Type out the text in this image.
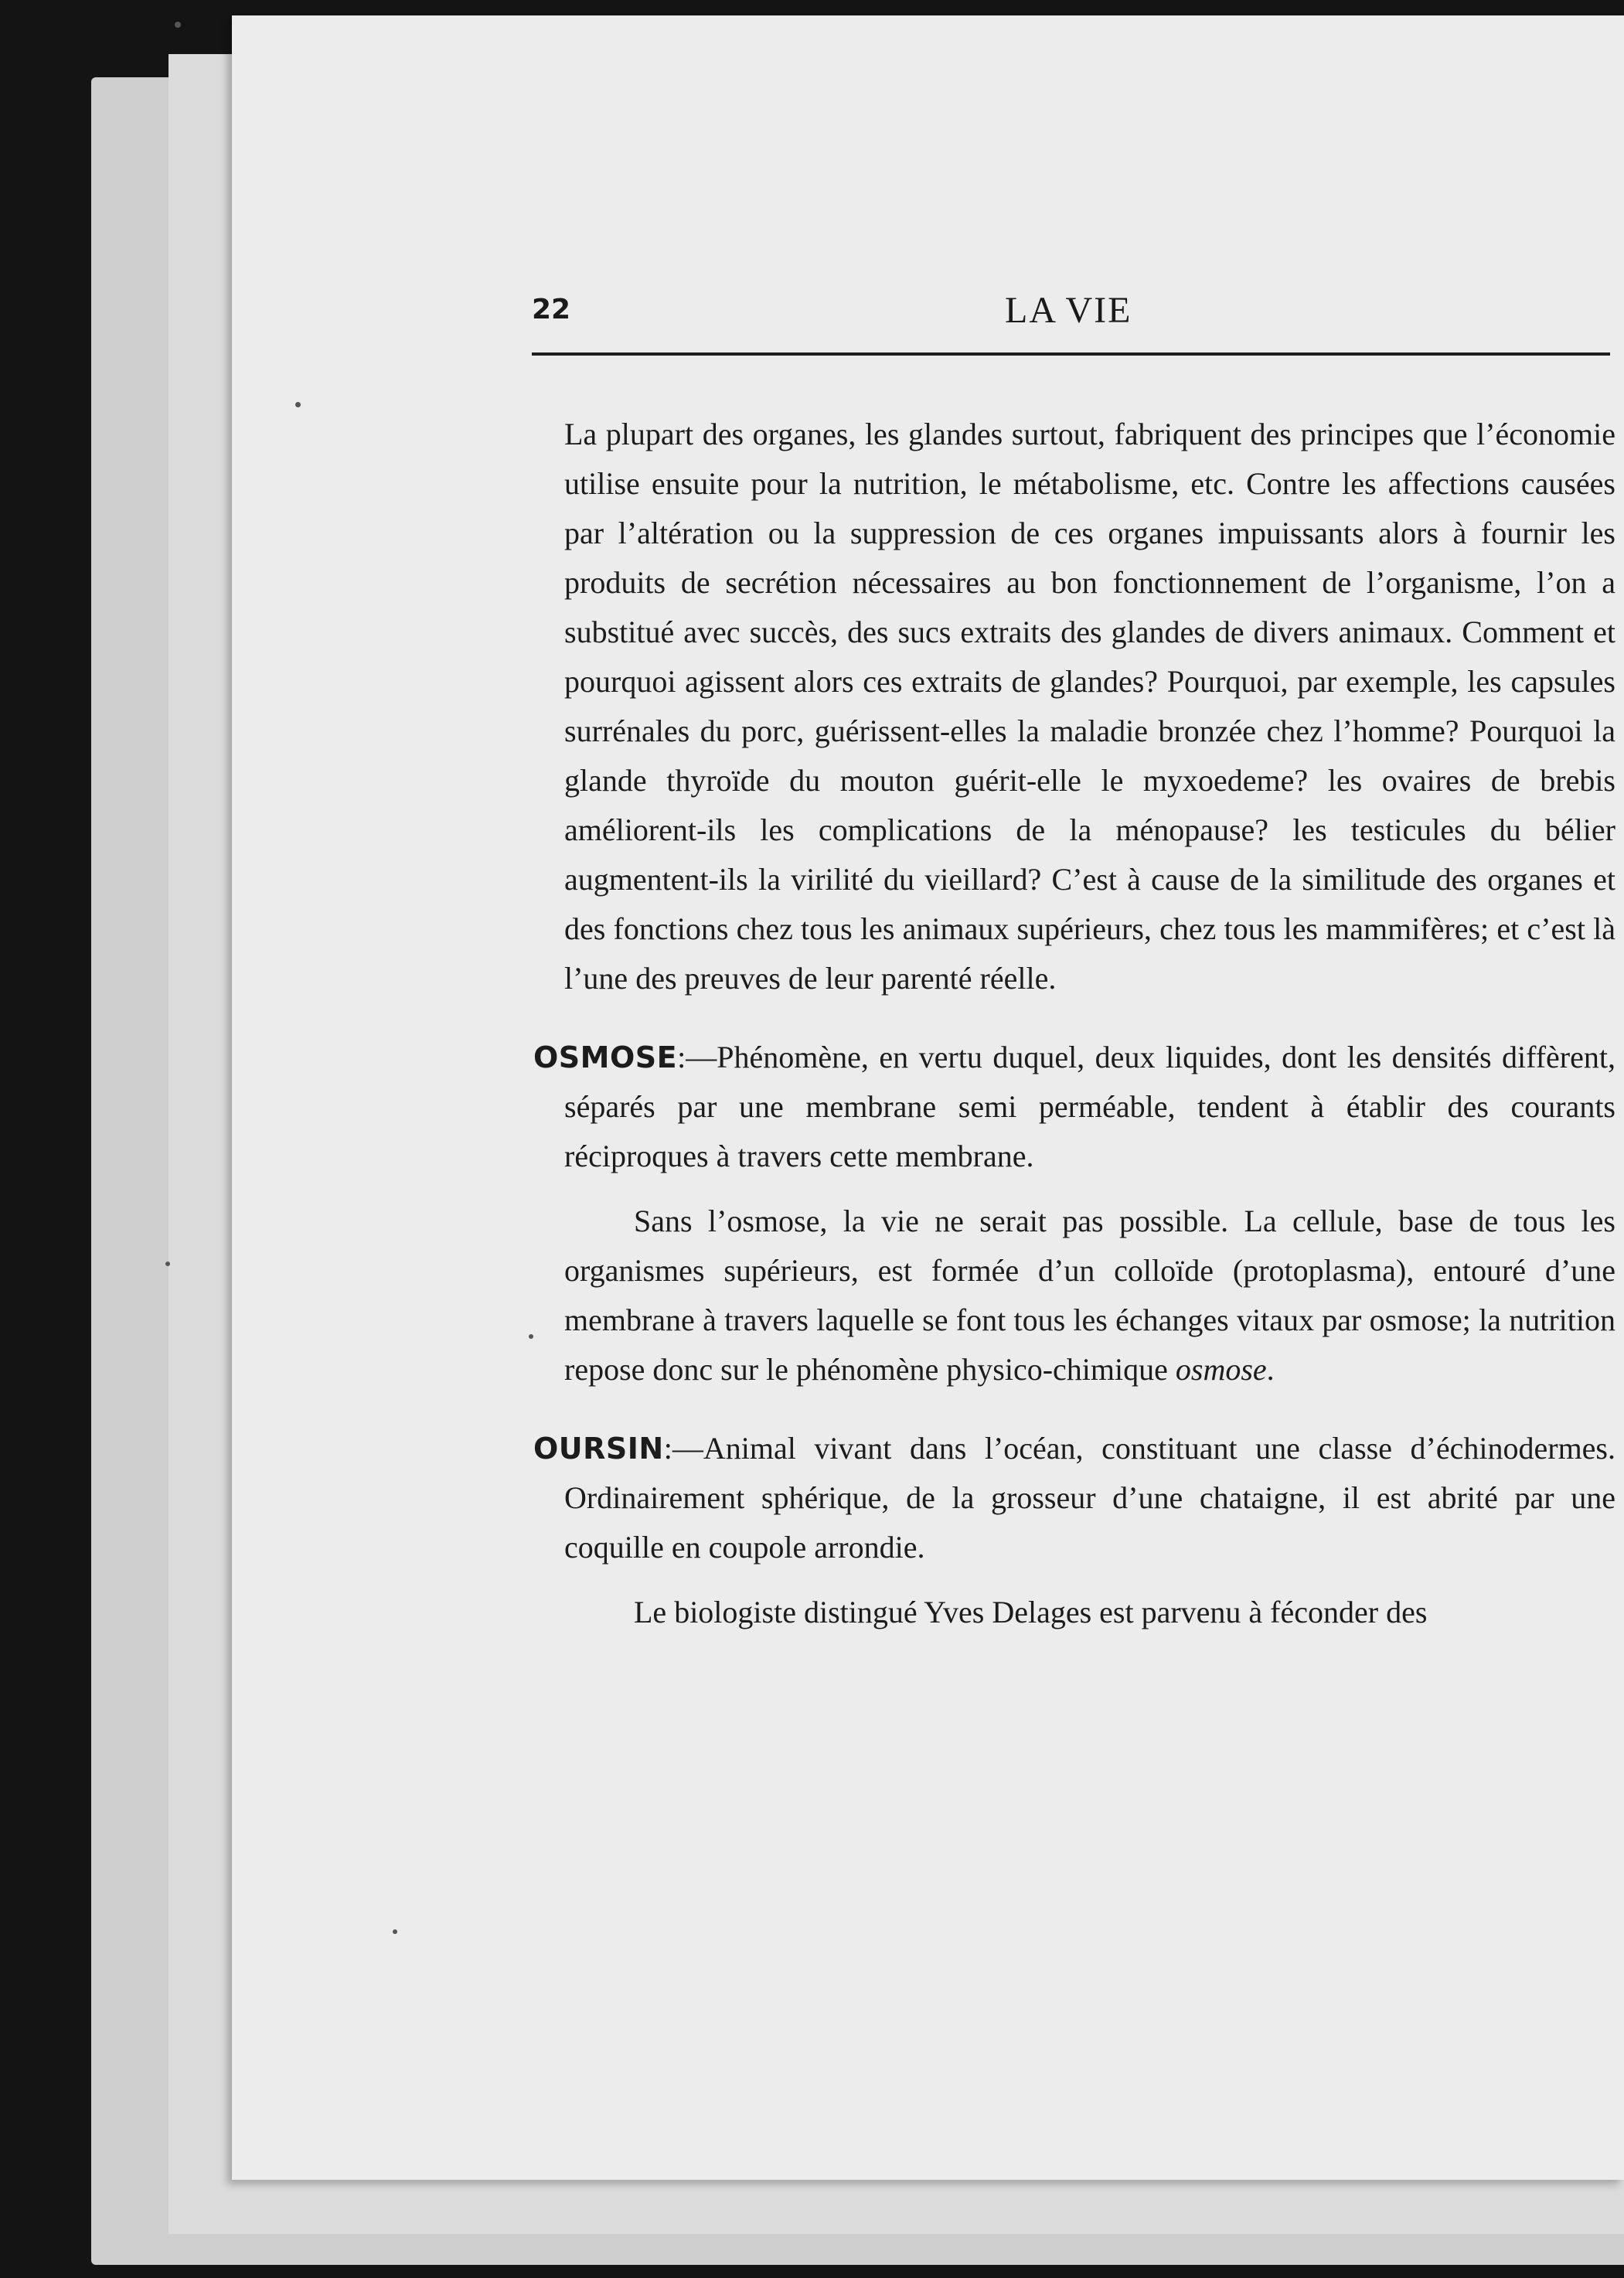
22	LA VIE

La plupart des organes, les glandes surtout, fabriquent des principes que l’économie utilise ensuite pour la nutrition, le métabolisme, etc. Contre les affections causées par l’altération ou la suppression de ces organes impuissants alors à fournir les produits de secrétion nécessaires au bon fonctionnement de l’organisme, l’on a substitué avec succès, des sucs extraits des glandes de divers animaux. Comment et pourquoi agissent alors ces extraits de glandes? Pourquoi, par exemple, les capsules surrénales du porc, guérissent-elles la maladie bronzée chez l’homme? Pourquoi la glande thyroïde du mouton guérit-elle le myxoedeme? les ovaires de brebis améliorent-ils les complications de la ménopause? les testicules du bélier augmentent-ils la virilité du vieillard? C’est à cause de la similitude des organes et des fonctions chez tous les animaux supérieurs, chez tous les mammifères; et c’est là l’une des preuves de leur parenté réelle.

OSMOSE:—Phénomène, en vertu duquel, deux liquides, dont les densités diffèrent, séparés par une membrane semi perméable, tendent à établir des courants réciproques à travers cette membrane.

Sans l’osmose, la vie ne serait pas possible. La cellule, base de tous les organismes supérieurs, est formée d’un colloïde (protoplasma), entouré d’une membrane à travers laquelle se font tous les échanges vitaux par osmose; la nutrition repose donc sur le phénomène physico-chimique osmose.

OURSIN:—Animal vivant dans l’océan, constituant une classe d’échinodermes. Ordinairement sphérique, de la grosseur d’une chataigne, il est abrité par une coquille en coupole arrondie.

Le biologiste distingué Yves Delages est parvenu à féconder des
